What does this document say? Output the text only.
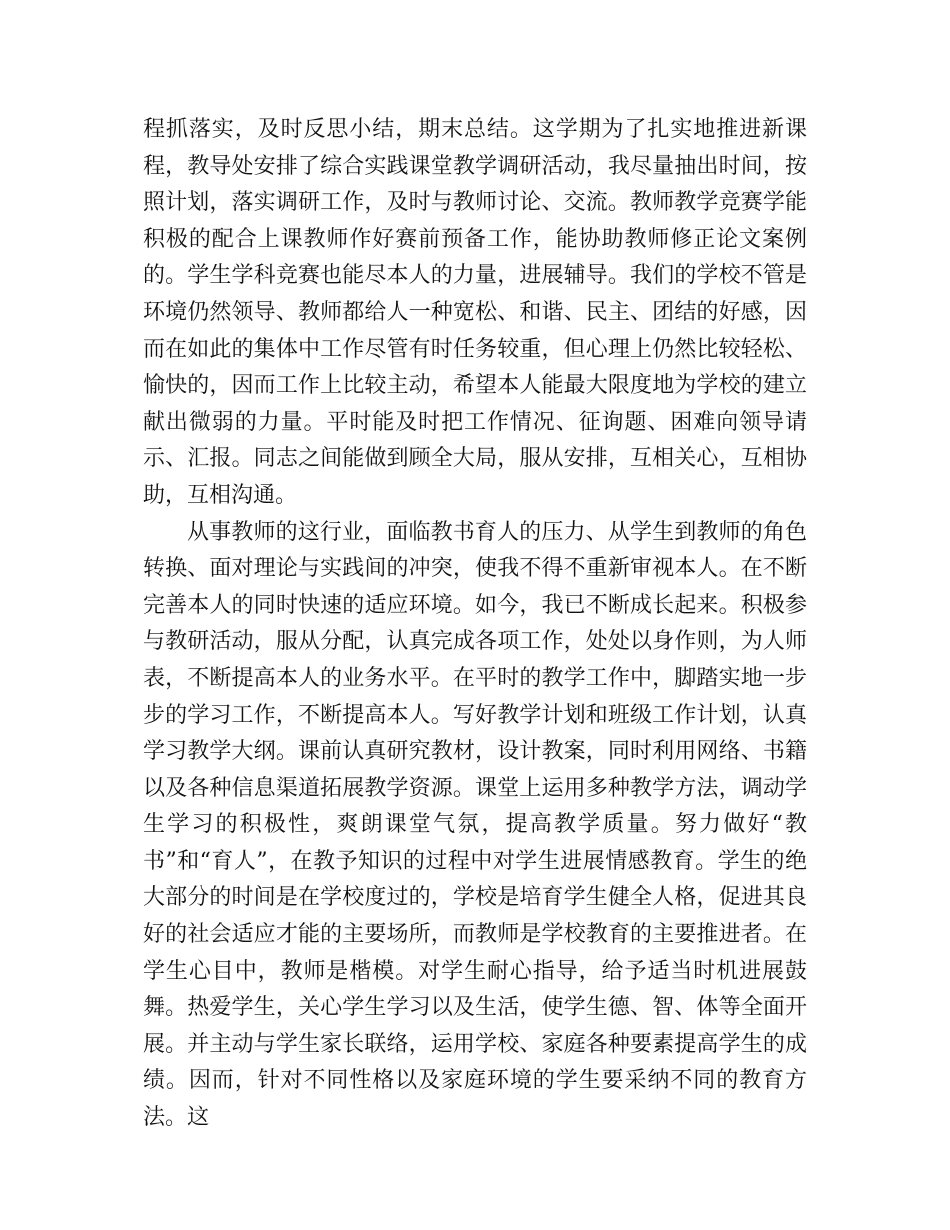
程抓落实，及时反思小结，期末总结。这学期为了扎实地推进新课程，教导处安排了综合实践课堂教学调研活动，我尽量抽出时间，按照计划，落实调研工作，及时与教师讨论、交流。教师教学竞赛学能积极的配合上课教师作好赛前预备工作，能协助教师修正论文案例的。学生学科竞赛也能尽本人的力量，进展辅导。我们的学校不管是环境仍然领导、教师都给人一种宽松、和谐、民主、团结的好感，因而在如此的集体中工作尽管有时任务较重，但心理上仍然比较轻松、愉快的，因而工作上比较主动，希望本人能最大限度地为学校的建立献出微弱的力量。平时能及时把工作情况、征询题、困难向领导请示、汇报。同志之间能做到顾全大局，服从安排，互相关心，互相协助，互相沟通。

从事教师的这行业，面临教书育人的压力、从学生到教师的角色转换、面对理论与实践间的冲突，使我不得不重新审视本人。在不断完善本人的同时快速的适应环境。如今，我已不断成长起来。积极参与教研活动，服从分配，认真完成各项工作，处处以身作则，为人师表，不断提高本人的业务水平。在平时的教学工作中，脚踏实地一步步的学习工作，不断提高本人。写好教学计划和班级工作计划，认真学习教学大纲。课前认真研究教材，设计教案，同时利用网络、书籍以及各种信息渠道拓展教学资源。课堂上运用多种教学方法，调动学生学习的积极性，爽朗课堂气氛，提高教学质量。努力做好“教书”和“育人”，在教予知识的过程中对学生进展情感教育。学生的绝大部分的时间是在学校度过的，学校是培育学生健全人格，促进其良好的社会适应才能的主要场所，而教师是学校教育的主要推进者。在学生心目中，教师是楷模。对学生耐心指导，给予适当时机进展鼓舞。热爱学生，关心学生学习以及生活，使学生德、智、体等全面开展。并主动与学生家长联络，运用学校、家庭各种要素提高学生的成绩。因而，针对不同性格以及家庭环境的学生要采纳不同的教育方法。这
